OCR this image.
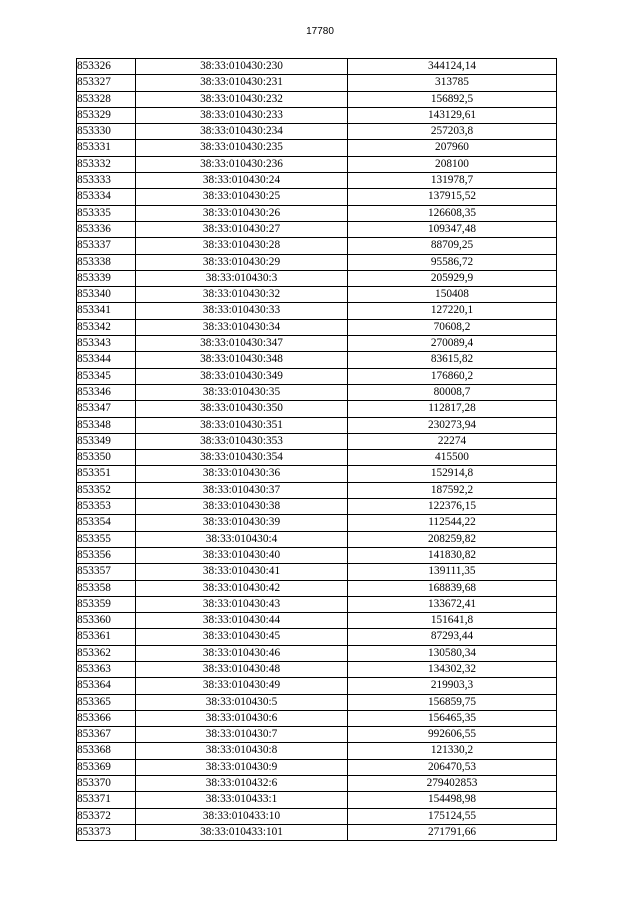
17780
853326	38:33:010430:230	344124,14
853327	38:33:010430:231	313785
853328	38:33:010430:232	156892,5
853329	38:33:010430:233	143129,61
853330	38:33:010430:234	257203,8
853331	38:33:010430:235	207960
853332	38:33:010430:236	208100
853333	38:33:010430:24	131978,7
853334	38:33:010430:25	137915,52
853335	38:33:010430:26	126608,35
853336	38:33:010430:27	109347,48
853337	38:33:010430:28	88709,25
853338	38:33:010430:29	95586,72
853339	38:33:010430:3	205929,9
853340	38:33:010430:32	150408
853341	38:33:010430:33	127220,1
853342	38:33:010430:34	70608,2
853343	38:33:010430:347	270089,4
853344	38:33:010430:348	83615,82
853345	38:33:010430:349	176860,2
853346	38:33:010430:35	80008,7
853347	38:33:010430:350	112817,28
853348	38:33:010430:351	230273,94
853349	38:33:010430:353	22274
853350	38:33:010430:354	415500
853351	38:33:010430:36	152914,8
853352	38:33:010430:37	187592,2
853353	38:33:010430:38	122376,15
853354	38:33:010430:39	112544,22
853355	38:33:010430:4	208259,82
853356	38:33:010430:40	141830,82
853357	38:33:010430:41	139111,35
853358	38:33:010430:42	168839,68
853359	38:33:010430:43	133672,41
853360	38:33:010430:44	151641,8
853361	38:33:010430:45	87293,44
853362	38:33:010430:46	130580,34
853363	38:33:010430:48	134302,32
853364	38:33:010430:49	219903,3
853365	38:33:010430:5	156859,75
853366	38:33:010430:6	156465,35
853367	38:33:010430:7	992606,55
853368	38:33:010430:8	121330,2
853369	38:33:010430:9	206470,53
853370	38:33:010432:6	279402853
853371	38:33:010433:1	154498,98
853372	38:33:010433:10	175124,55
853373	38:33:010433:101	271791,66
